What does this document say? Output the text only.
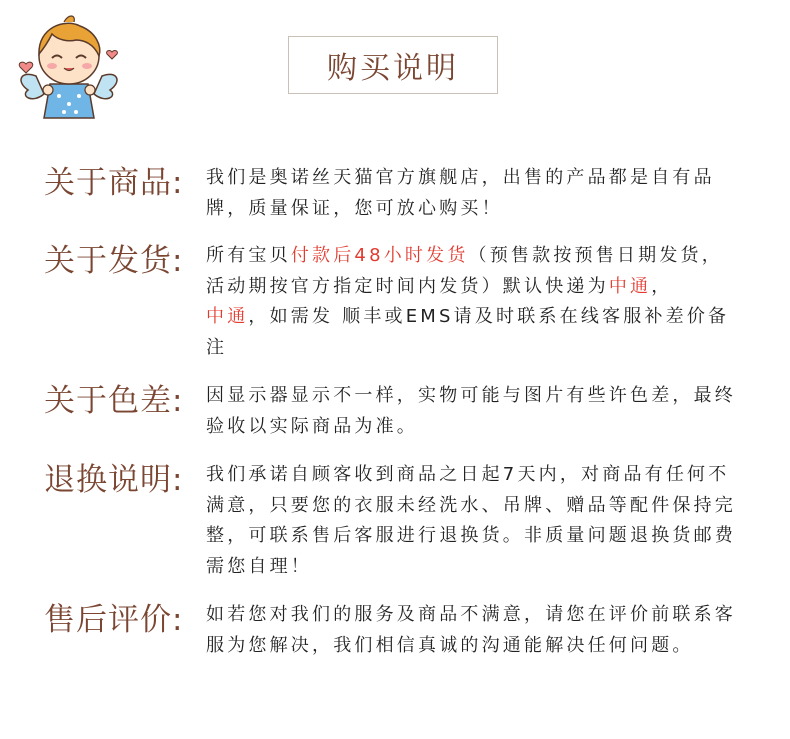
购买说明
关于商品: 我们是奥诺丝天猫官方旗舰店，出售的产品都是自有品牌，质量保证，您可放心购买！
关于发货: 所有宝贝付款后48小时发货（预售款按预售日期发货，活动期按官方指定时间内发货）默认快递为中通，
中通，如需发 顺丰或EMS请及时联系在线客服补差价备注
关于色差: 因显示器显示不一样，实物可能与图片有些许色差，最终验收以实际商品为准。
退换说明: 我们承诺自顾客收到商品之日起7天内，对商品有任何不满意，只要您的衣服未经洗水、吊牌、赠品等配件保持完整，可联系售后客服进行退换货。非质量问题退换货邮费需您自理！
售后评价: 如若您对我们的服务及商品不满意，请您在评价前联系客服为您解决，我们相信真诚的沟通能解决任何问题。
